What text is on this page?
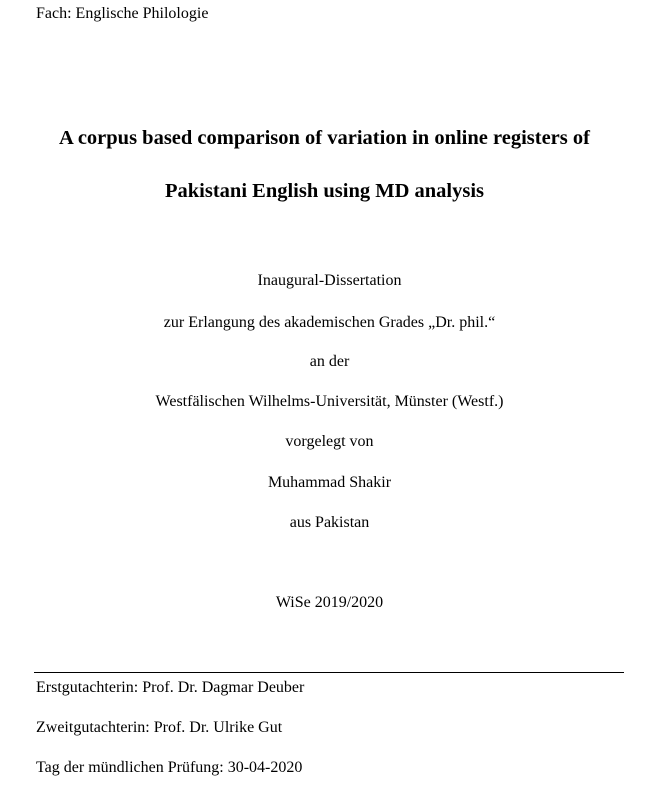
Fach: Englische Philologie
A corpus based comparison of variation in online registers of
Pakistani English using MD analysis
Inaugural-Dissertation
zur Erlangung des akademischen Grades „Dr. phil.“
an der
Westfälischen Wilhelms-Universität, Münster (Westf.)
vorgelegt von
Muhammad Shakir
aus Pakistan
WiSe 2019/2020
Erstgutachterin: Prof. Dr. Dagmar Deuber
Zweitgutachterin: Prof. Dr. Ulrike Gut
Tag der mündlichen Prüfung: 30-04-2020
